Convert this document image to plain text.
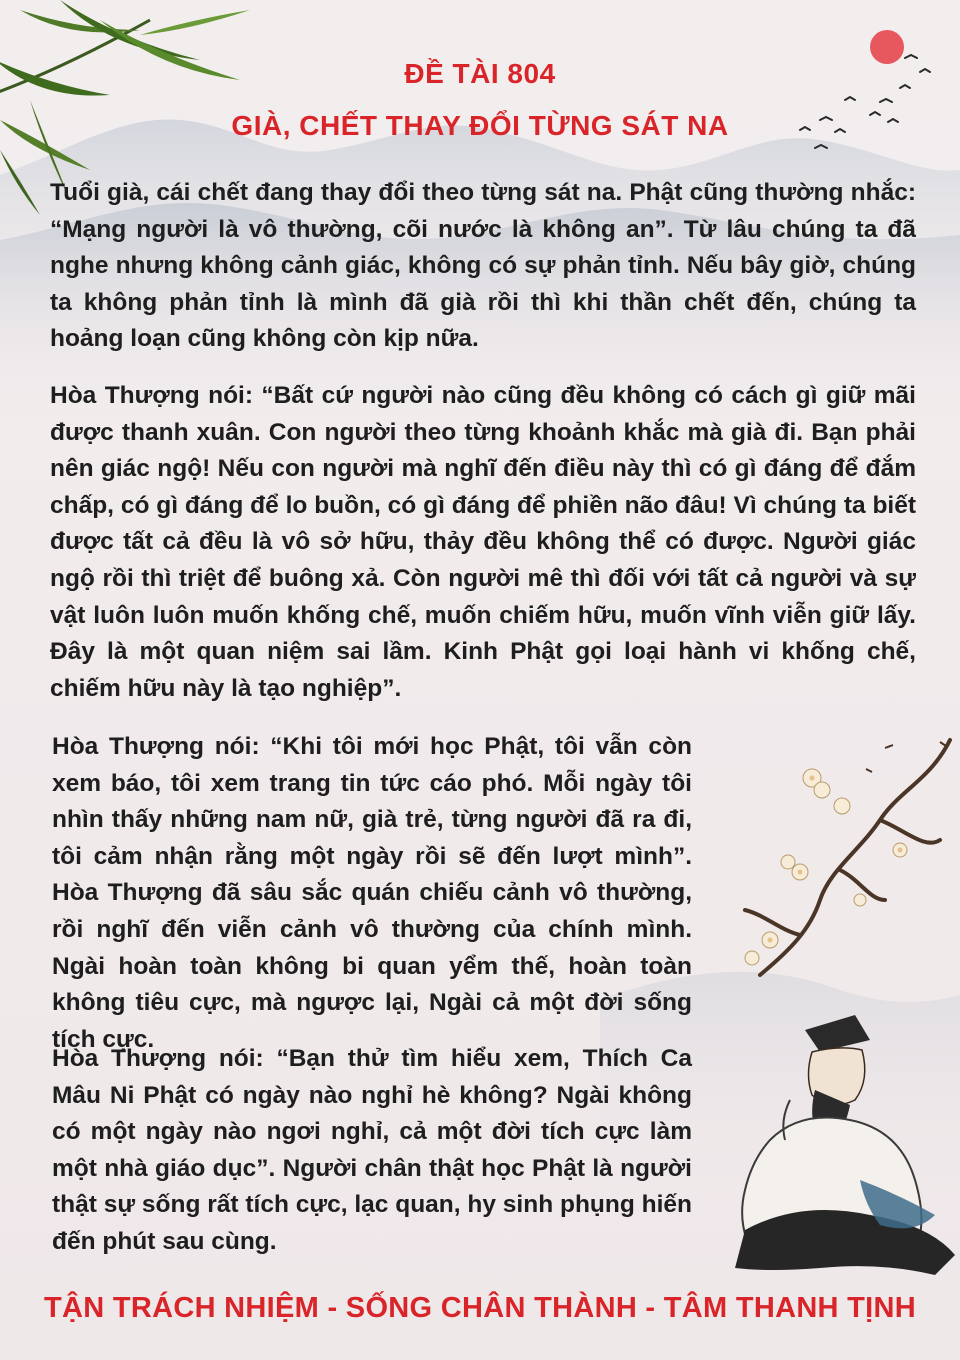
ĐỀ TÀI 804
GIÀ, CHẾT THAY ĐỔI TỪNG SÁT NA

Tuổi già, cái chết đang thay đổi theo từng sát na. Phật cũng thường nhắc: “Mạng người là vô thường, cõi nước là không an”. Từ lâu chúng ta đã nghe nhưng không cảnh giác, không có sự phản tỉnh. Nếu bây giờ, chúng ta không phản tỉnh là mình đã già rồi thì khi thần chết đến, chúng ta hoảng loạn cũng không còn kịp nữa.

Hòa Thượng nói: “Bất cứ người nào cũng đều không có cách gì giữ mãi được thanh xuân. Con người theo từng khoảnh khắc mà già đi. Bạn phải nên giác ngộ! Nếu con người mà nghĩ đến điều này thì có gì đáng để đắm chấp, có gì đáng để lo buồn, có gì đáng để phiền não đâu! Vì chúng ta biết được tất cả đều là vô sở hữu, thảy đều không thể có được. Người giác ngộ rồi thì triệt để buông xả. Còn người mê thì đối với tất cả người và sự vật luôn luôn muốn khống chế, muốn chiếm hữu, muốn vĩnh viễn giữ lấy. Đây là một quan niệm sai lầm. Kinh Phật gọi loại hành vi khống chế, chiếm hữu này là tạo nghiệp”.

Hòa Thượng nói: “Khi tôi mới học Phật, tôi vẫn còn xem báo, tôi xem trang tin tức cáo phó. Mỗi ngày tôi nhìn thấy những nam nữ, già trẻ, từng người đã ra đi, tôi cảm nhận rằng một ngày rồi sẽ đến lượt mình”. Hòa Thượng đã sâu sắc quán chiếu cảnh vô thường, rồi nghĩ đến viễn cảnh vô thường của chính mình. Ngài hoàn toàn không bi quan yểm thế, hoàn toàn không tiêu cực, mà ngược lại, Ngài cả một đời sống tích cực.

Hòa Thượng nói: “Bạn thử tìm hiểu xem, Thích Ca Mâu Ni Phật có ngày nào nghỉ hè không? Ngài không có một ngày nào ngơi nghỉ, cả một đời tích cực làm một nhà giáo dục”. Người chân thật học Phật là người thật sự sống rất tích cực, lạc quan, hy sinh phụng hiến đến phút sau cùng.

TẬN TRÁCH NHIỆM - SỐNG CHÂN THÀNH - TÂM THANH TỊNH
